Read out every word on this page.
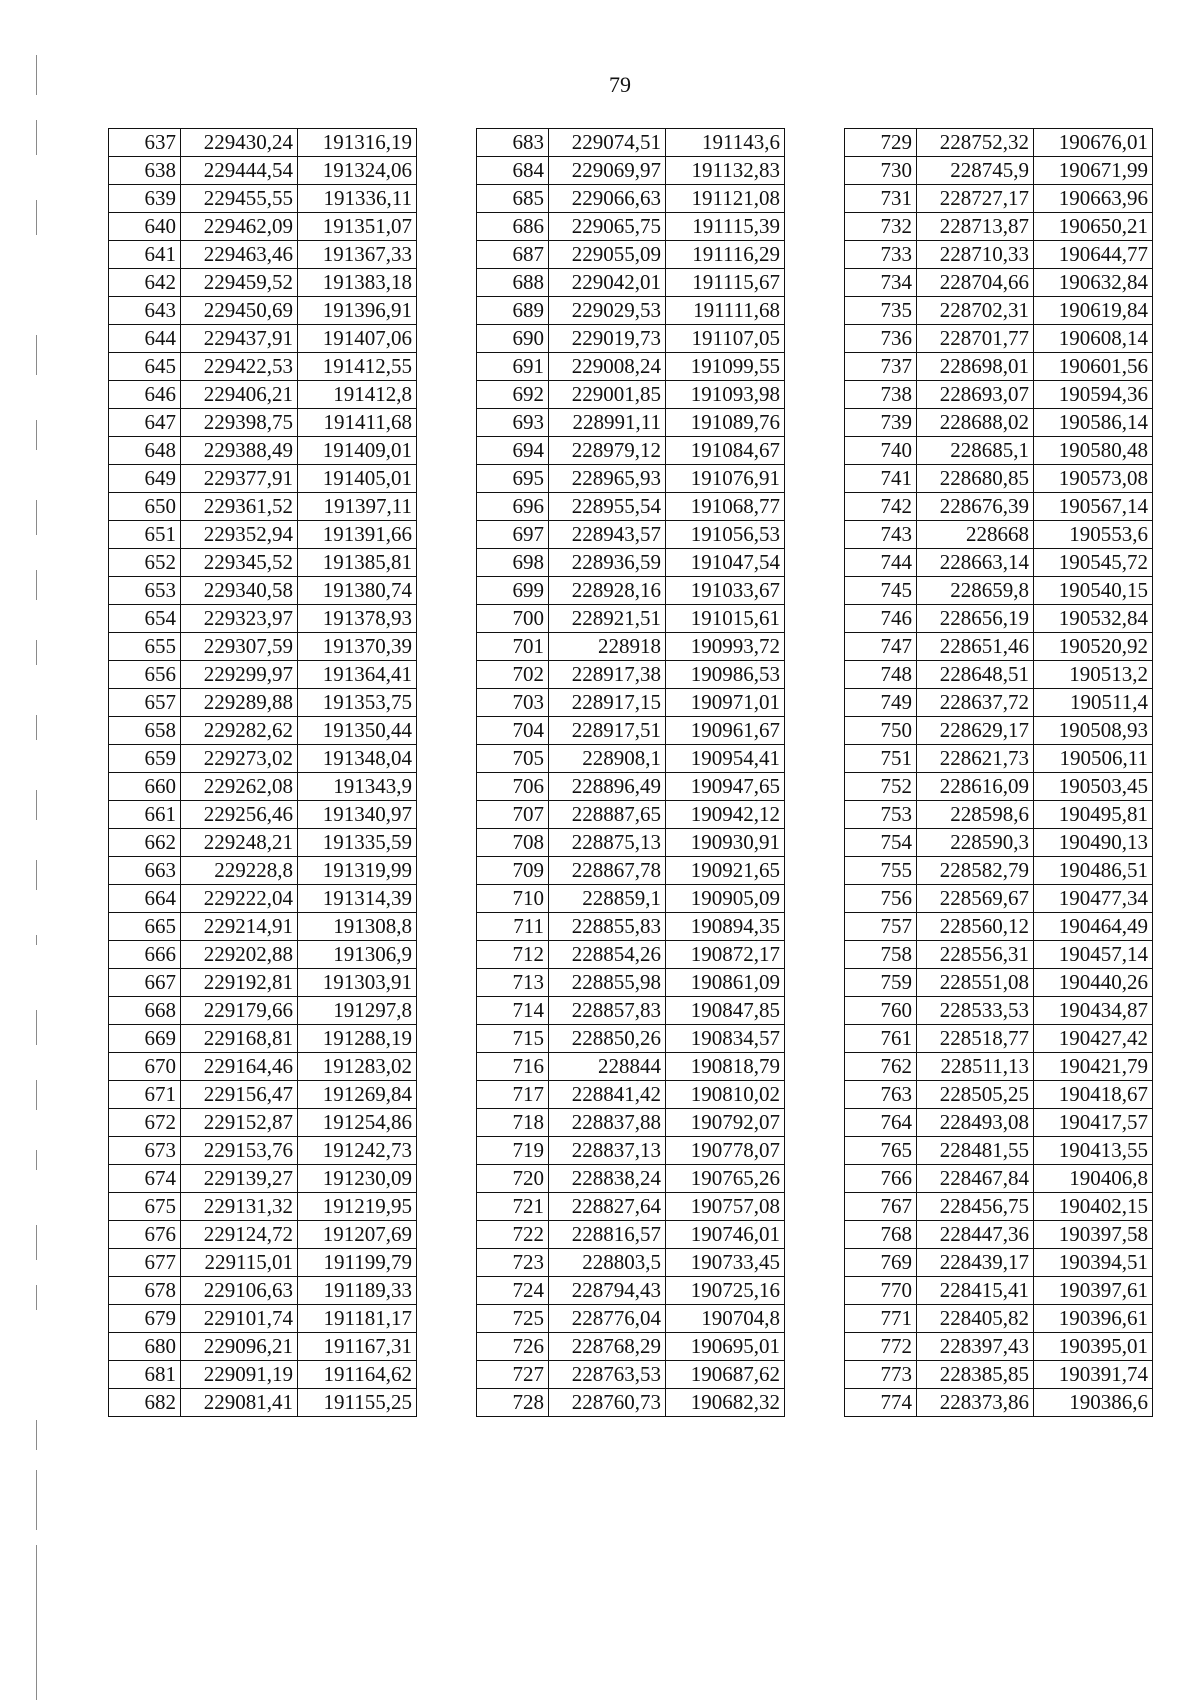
79
637	229430,24	191316,19
638	229444,54	191324,06
639	229455,55	191336,11
640	229462,09	191351,07
641	229463,46	191367,33
642	229459,52	191383,18
643	229450,69	191396,91
644	229437,91	191407,06
645	229422,53	191412,55
646	229406,21	191412,8
647	229398,75	191411,68
648	229388,49	191409,01
649	229377,91	191405,01
650	229361,52	191397,11
651	229352,94	191391,66
652	229345,52	191385,81
653	229340,58	191380,74
654	229323,97	191378,93
655	229307,59	191370,39
656	229299,97	191364,41
657	229289,88	191353,75
658	229282,62	191350,44
659	229273,02	191348,04
660	229262,08	191343,9
661	229256,46	191340,97
662	229248,21	191335,59
663	229228,8	191319,99
664	229222,04	191314,39
665	229214,91	191308,8
666	229202,88	191306,9
667	229192,81	191303,91
668	229179,66	191297,8
669	229168,81	191288,19
670	229164,46	191283,02
671	229156,47	191269,84
672	229152,87	191254,86
673	229153,76	191242,73
674	229139,27	191230,09
675	229131,32	191219,95
676	229124,72	191207,69
677	229115,01	191199,79
678	229106,63	191189,33
679	229101,74	191181,17
680	229096,21	191167,31
681	229091,19	191164,62
682	229081,41	191155,25
683	229074,51	191143,6
684	229069,97	191132,83
685	229066,63	191121,08
686	229065,75	191115,39
687	229055,09	191116,29
688	229042,01	191115,67
689	229029,53	191111,68
690	229019,73	191107,05
691	229008,24	191099,55
692	229001,85	191093,98
693	228991,11	191089,76
694	228979,12	191084,67
695	228965,93	191076,91
696	228955,54	191068,77
697	228943,57	191056,53
698	228936,59	191047,54
699	228928,16	191033,67
700	228921,51	191015,61
701	228918	190993,72
702	228917,38	190986,53
703	228917,15	190971,01
704	228917,51	190961,67
705	228908,1	190954,41
706	228896,49	190947,65
707	228887,65	190942,12
708	228875,13	190930,91
709	228867,78	190921,65
710	228859,1	190905,09
711	228855,83	190894,35
712	228854,26	190872,17
713	228855,98	190861,09
714	228857,83	190847,85
715	228850,26	190834,57
716	228844	190818,79
717	228841,42	190810,02
718	228837,88	190792,07
719	228837,13	190778,07
720	228838,24	190765,26
721	228827,64	190757,08
722	228816,57	190746,01
723	228803,5	190733,45
724	228794,43	190725,16
725	228776,04	190704,8
726	228768,29	190695,01
727	228763,53	190687,62
728	228760,73	190682,32
729	228752,32	190676,01
730	228745,9	190671,99
731	228727,17	190663,96
732	228713,87	190650,21
733	228710,33	190644,77
734	228704,66	190632,84
735	228702,31	190619,84
736	228701,77	190608,14
737	228698,01	190601,56
738	228693,07	190594,36
739	228688,02	190586,14
740	228685,1	190580,48
741	228680,85	190573,08
742	228676,39	190567,14
743	228668	190553,6
744	228663,14	190545,72
745	228659,8	190540,15
746	228656,19	190532,84
747	228651,46	190520,92
748	228648,51	190513,2
749	228637,72	190511,4
750	228629,17	190508,93
751	228621,73	190506,11
752	228616,09	190503,45
753	228598,6	190495,81
754	228590,3	190490,13
755	228582,79	190486,51
756	228569,67	190477,34
757	228560,12	190464,49
758	228556,31	190457,14
759	228551,08	190440,26
760	228533,53	190434,87
761	228518,77	190427,42
762	228511,13	190421,79
763	228505,25	190418,67
764	228493,08	190417,57
765	228481,55	190413,55
766	228467,84	190406,8
767	228456,75	190402,15
768	228447,36	190397,58
769	228439,17	190394,51
770	228415,41	190397,61
771	228405,82	190396,61
772	228397,43	190395,01
773	228385,85	190391,74
774	228373,86	190386,6
